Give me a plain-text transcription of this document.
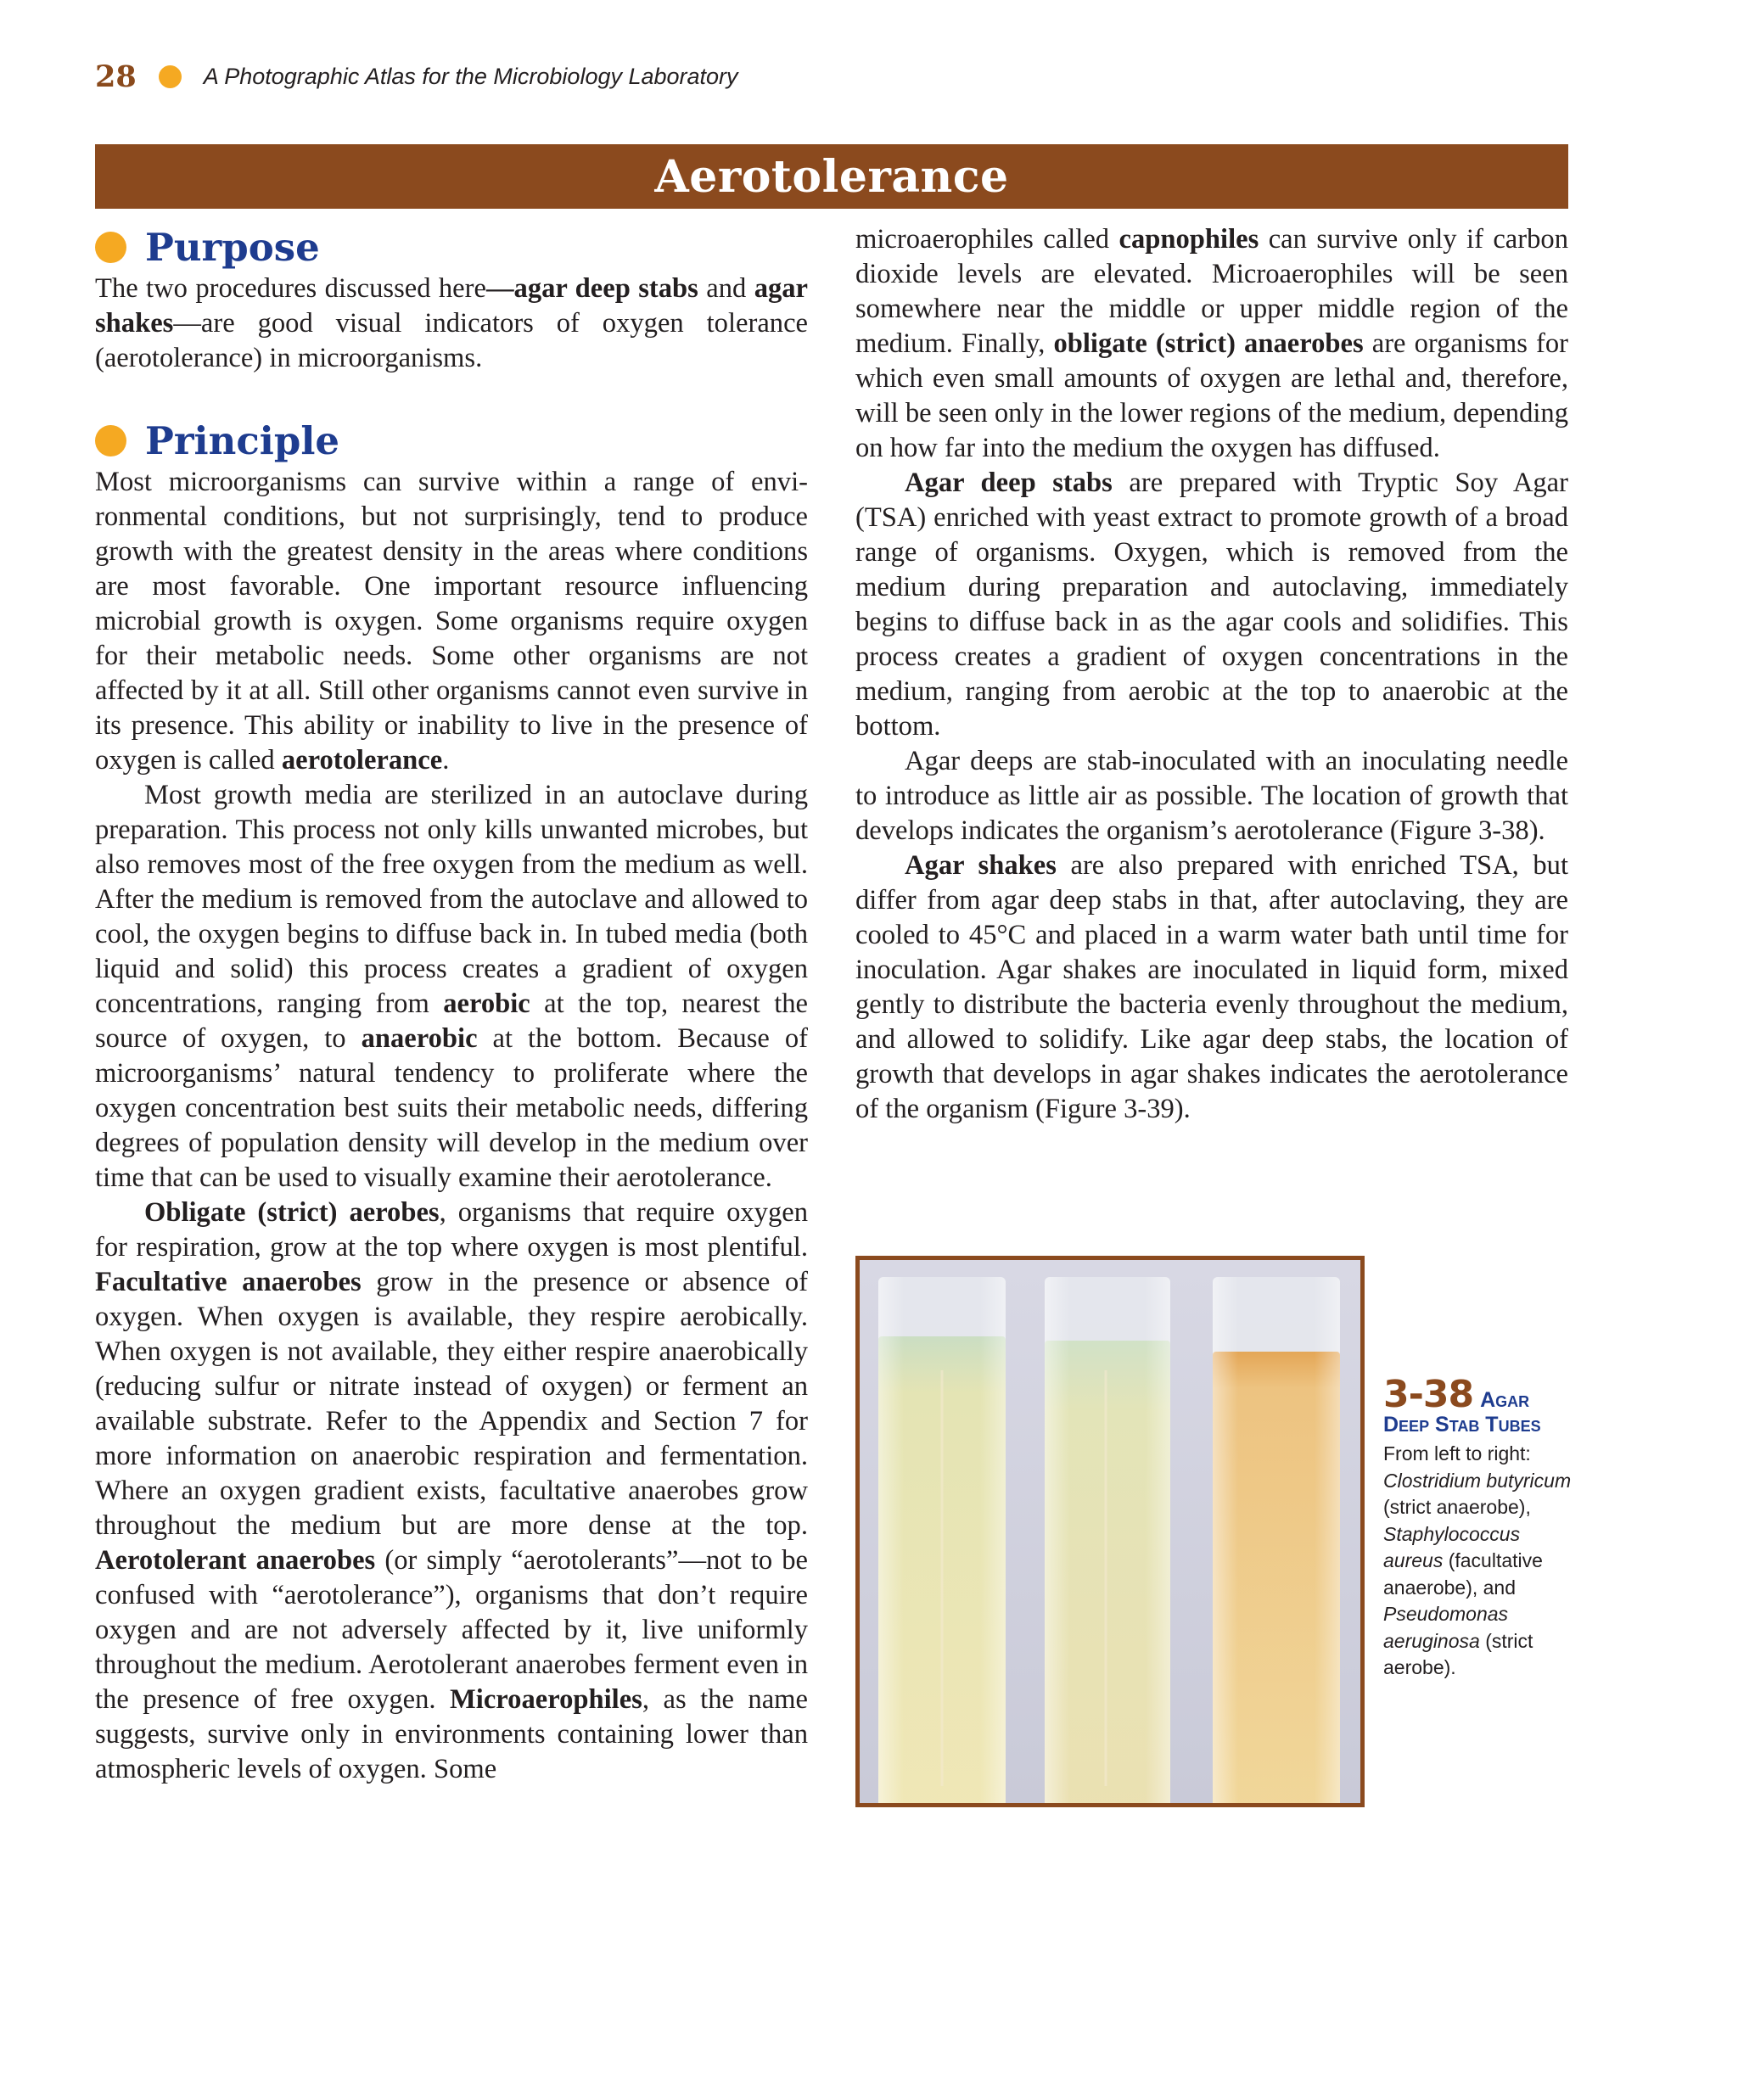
28	A Photographic Atlas for the Microbiology Laboratory
Aerotolerance
Purpose

The two procedures discussed here—agar deep stabs and agar shakes—are good visual indicators of oxygen tolerance (aerotolerance) in microorganisms.

Principle

Most microorganisms can survive within a range of environmental conditions, but not surprisingly, tend to produce growth with the greatest density in the areas where conditions are most favorable. One important resource influencing microbial growth is oxygen. Some organisms require oxygen for their metabolic needs. Some other organisms are not affected by it at all. Still other organisms cannot even survive in its presence. This ability or inability to live in the presence of oxygen is called aerotolerance.

Most growth media are sterilized in an autoclave during preparation. This process not only kills unwanted microbes, but also removes most of the free oxygen from the medium as well. After the medium is removed from the autoclave and allowed to cool, the oxygen begins to diffuse back in. In tubed media (both liquid and solid) this process creates a gradient of oxygen concentrations, ranging from aerobic at the top, nearest the source of oxygen, to anaerobic at the bottom. Because of microorganisms’ natural tendency to proliferate where the oxygen concentration best suits their metabolic needs, differing degrees of population density will develop in the medium over time that can be used to visually examine their aerotolerance.

Obligate (strict) aerobes, organisms that require oxygen for respiration, grow at the top where oxygen is most plentiful. Facultative anaerobes grow in the presence or absence of oxygen. When oxygen is available, they respire aerobically. When oxygen is not available, they either respire anaerobically (reducing sulfur or nitrate instead of oxygen) or ferment an available substrate. Refer to the Appendix and Section 7 for more information on anaerobic respiration and fermentation. Where an oxygen gradient exists, facultative anaerobes grow throughout the medium but are more dense at the top. Aerotolerant anaerobes (or simply “aerotolerants”—not to be confused with “aerotolerance”), organisms that don’t require oxygen and are not adversely affected by it, live uniformly throughout the medium. Aerotolerant anaerobes ferment even in the presence of free oxygen. Microaerophiles, as the name suggests, survive only in environments containing lower than atmospheric levels of oxygen. Some

microaerophiles called capnophiles can survive only if carbon dioxide levels are elevated. Microaerophiles will be seen somewhere near the middle or upper middle region of the medium. Finally, obligate (strict) anaerobes are organisms for which even small amounts of oxygen are lethal and, therefore, will be seen only in the lower regions of the medium, depending on how far into the medium the oxygen has diffused.

Agar deep stabs are prepared with Tryptic Soy Agar (TSA) enriched with yeast extract to promote growth of a broad range of organisms. Oxygen, which is removed from the medium during preparation and autoclaving, immediately begins to diffuse back in as the agar cools and solidifies. This process creates a gradient of oxygen concentrations in the medium, ranging from aerobic at the top to anaerobic at the bottom.

Agar deeps are stab-inoculated with an inoculating needle to introduce as little air as possible. The location of growth that develops indicates the organism’s aerotolerance (Figure 3-38).

Agar shakes are also prepared with enriched TSA, but differ from agar deep stabs in that, after autoclaving, they are cooled to 45°C and placed in a warm water bath until time for inoculation. Agar shakes are inoculated in liquid form, mixed gently to distribute the bacteria evenly throughout the medium, and allowed to solidify. Like agar deep stabs, the location of growth that develops in agar shakes indicates the aerotolerance of the organism (Figure 3-39).

3-38 Agar
Deep Stab Tubes
From left to right: Clostridium butyricum (strict anaerobe), Staphylococcus aureus (facultative anaerobe), and Pseudomonas aeruginosa (strict aerobe).
